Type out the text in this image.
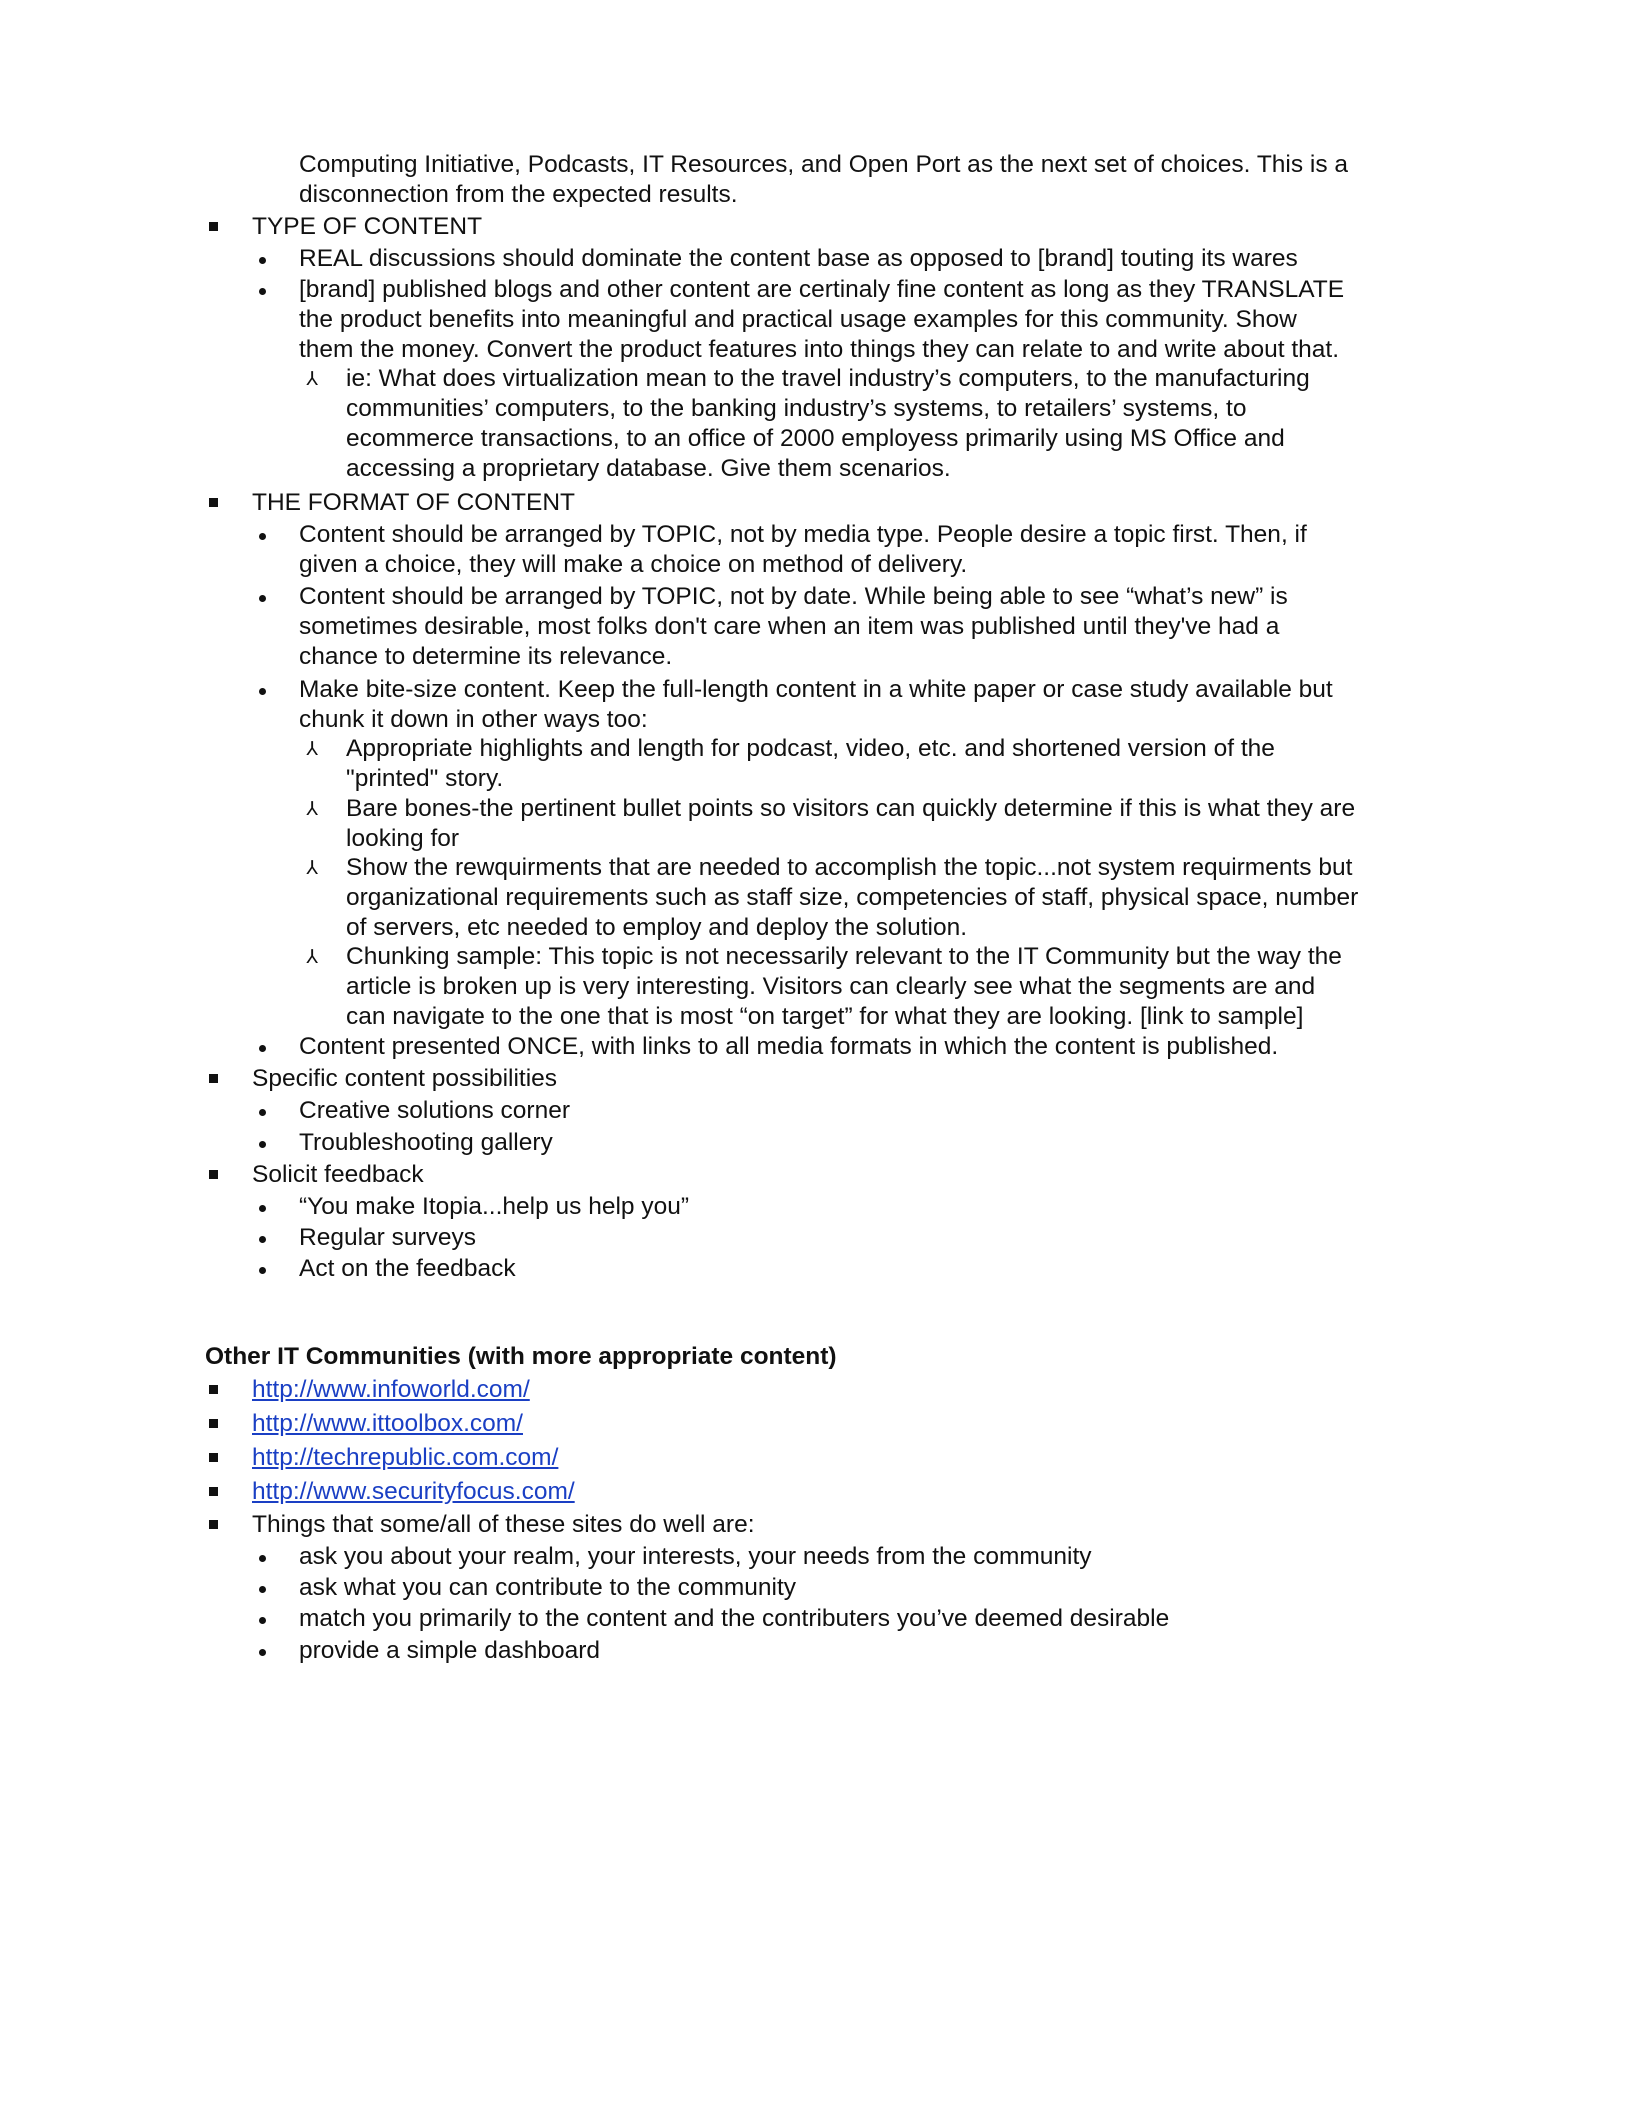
Computing Initiative, Podcasts, IT Resources, and Open Port as the next set of choices. This is a
disconnection from the expected results.
TYPE OF CONTENT
REAL discussions should dominate the content base as opposed to [brand] touting its wares
[brand] published blogs and other content are certinaly fine content as long as they TRANSLATE
the product benefits into meaningful and practical usage examples for this community. Show
them the money. Convert the product features into things they can relate to and write about that.
⅄ ie: What does virtualization mean to the travel industry’s computers, to the manufacturing
communities’ computers, to the banking industry’s systems, to retailers’ systems, to
ecommerce transactions, to an office of 2000 employess primarily using MS Office and
accessing a proprietary database. Give them scenarios.
THE FORMAT OF CONTENT
Content should be arranged by TOPIC, not by media type. People desire a topic first. Then, if
given a choice, they will make a choice on method of delivery.
Content should be arranged by TOPIC, not by date. While being able to see “what’s new” is
sometimes desirable, most folks don't care when an item was published until they've had a
chance to determine its relevance.
Make bite-size content. Keep the full-length content in a white paper or case study available but
chunk it down in other ways too:
⅄ Appropriate highlights and length for podcast, video, etc. and shortened version of the
"printed" story.
⅄ Bare bones-the pertinent bullet points so visitors can quickly determine if this is what they are
looking for
⅄ Show the rewquirments that are needed to accomplish the topic...not system requirments but
organizational requirements such as staff size, competencies of staff, physical space, number
of servers, etc needed to employ and deploy the solution.
⅄ Chunking sample: This topic is not necessarily relevant to the IT Community but the way the
article is broken up is very interesting. Visitors can clearly see what the segments are and
can navigate to the one that is most “on target” for what they are looking. [link to sample]
Content presented ONCE, with links to all media formats in which the content is published.
Specific content possibilities
Creative solutions corner
Troubleshooting gallery
Solicit feedback
“You make Itopia...help us help you”
Regular surveys
Act on the feedback
Other IT Communities (with more appropriate content)
http://www.infoworld.com/
http://www.ittoolbox.com/
http://techrepublic.com.com/
http://www.securityfocus.com/
Things that some/all of these sites do well are:
ask you about your realm, your interests, your needs from the community
ask what you can contribute to the community
match you primarily to the content and the contributers you’ve deemed desirable
provide a simple dashboard
